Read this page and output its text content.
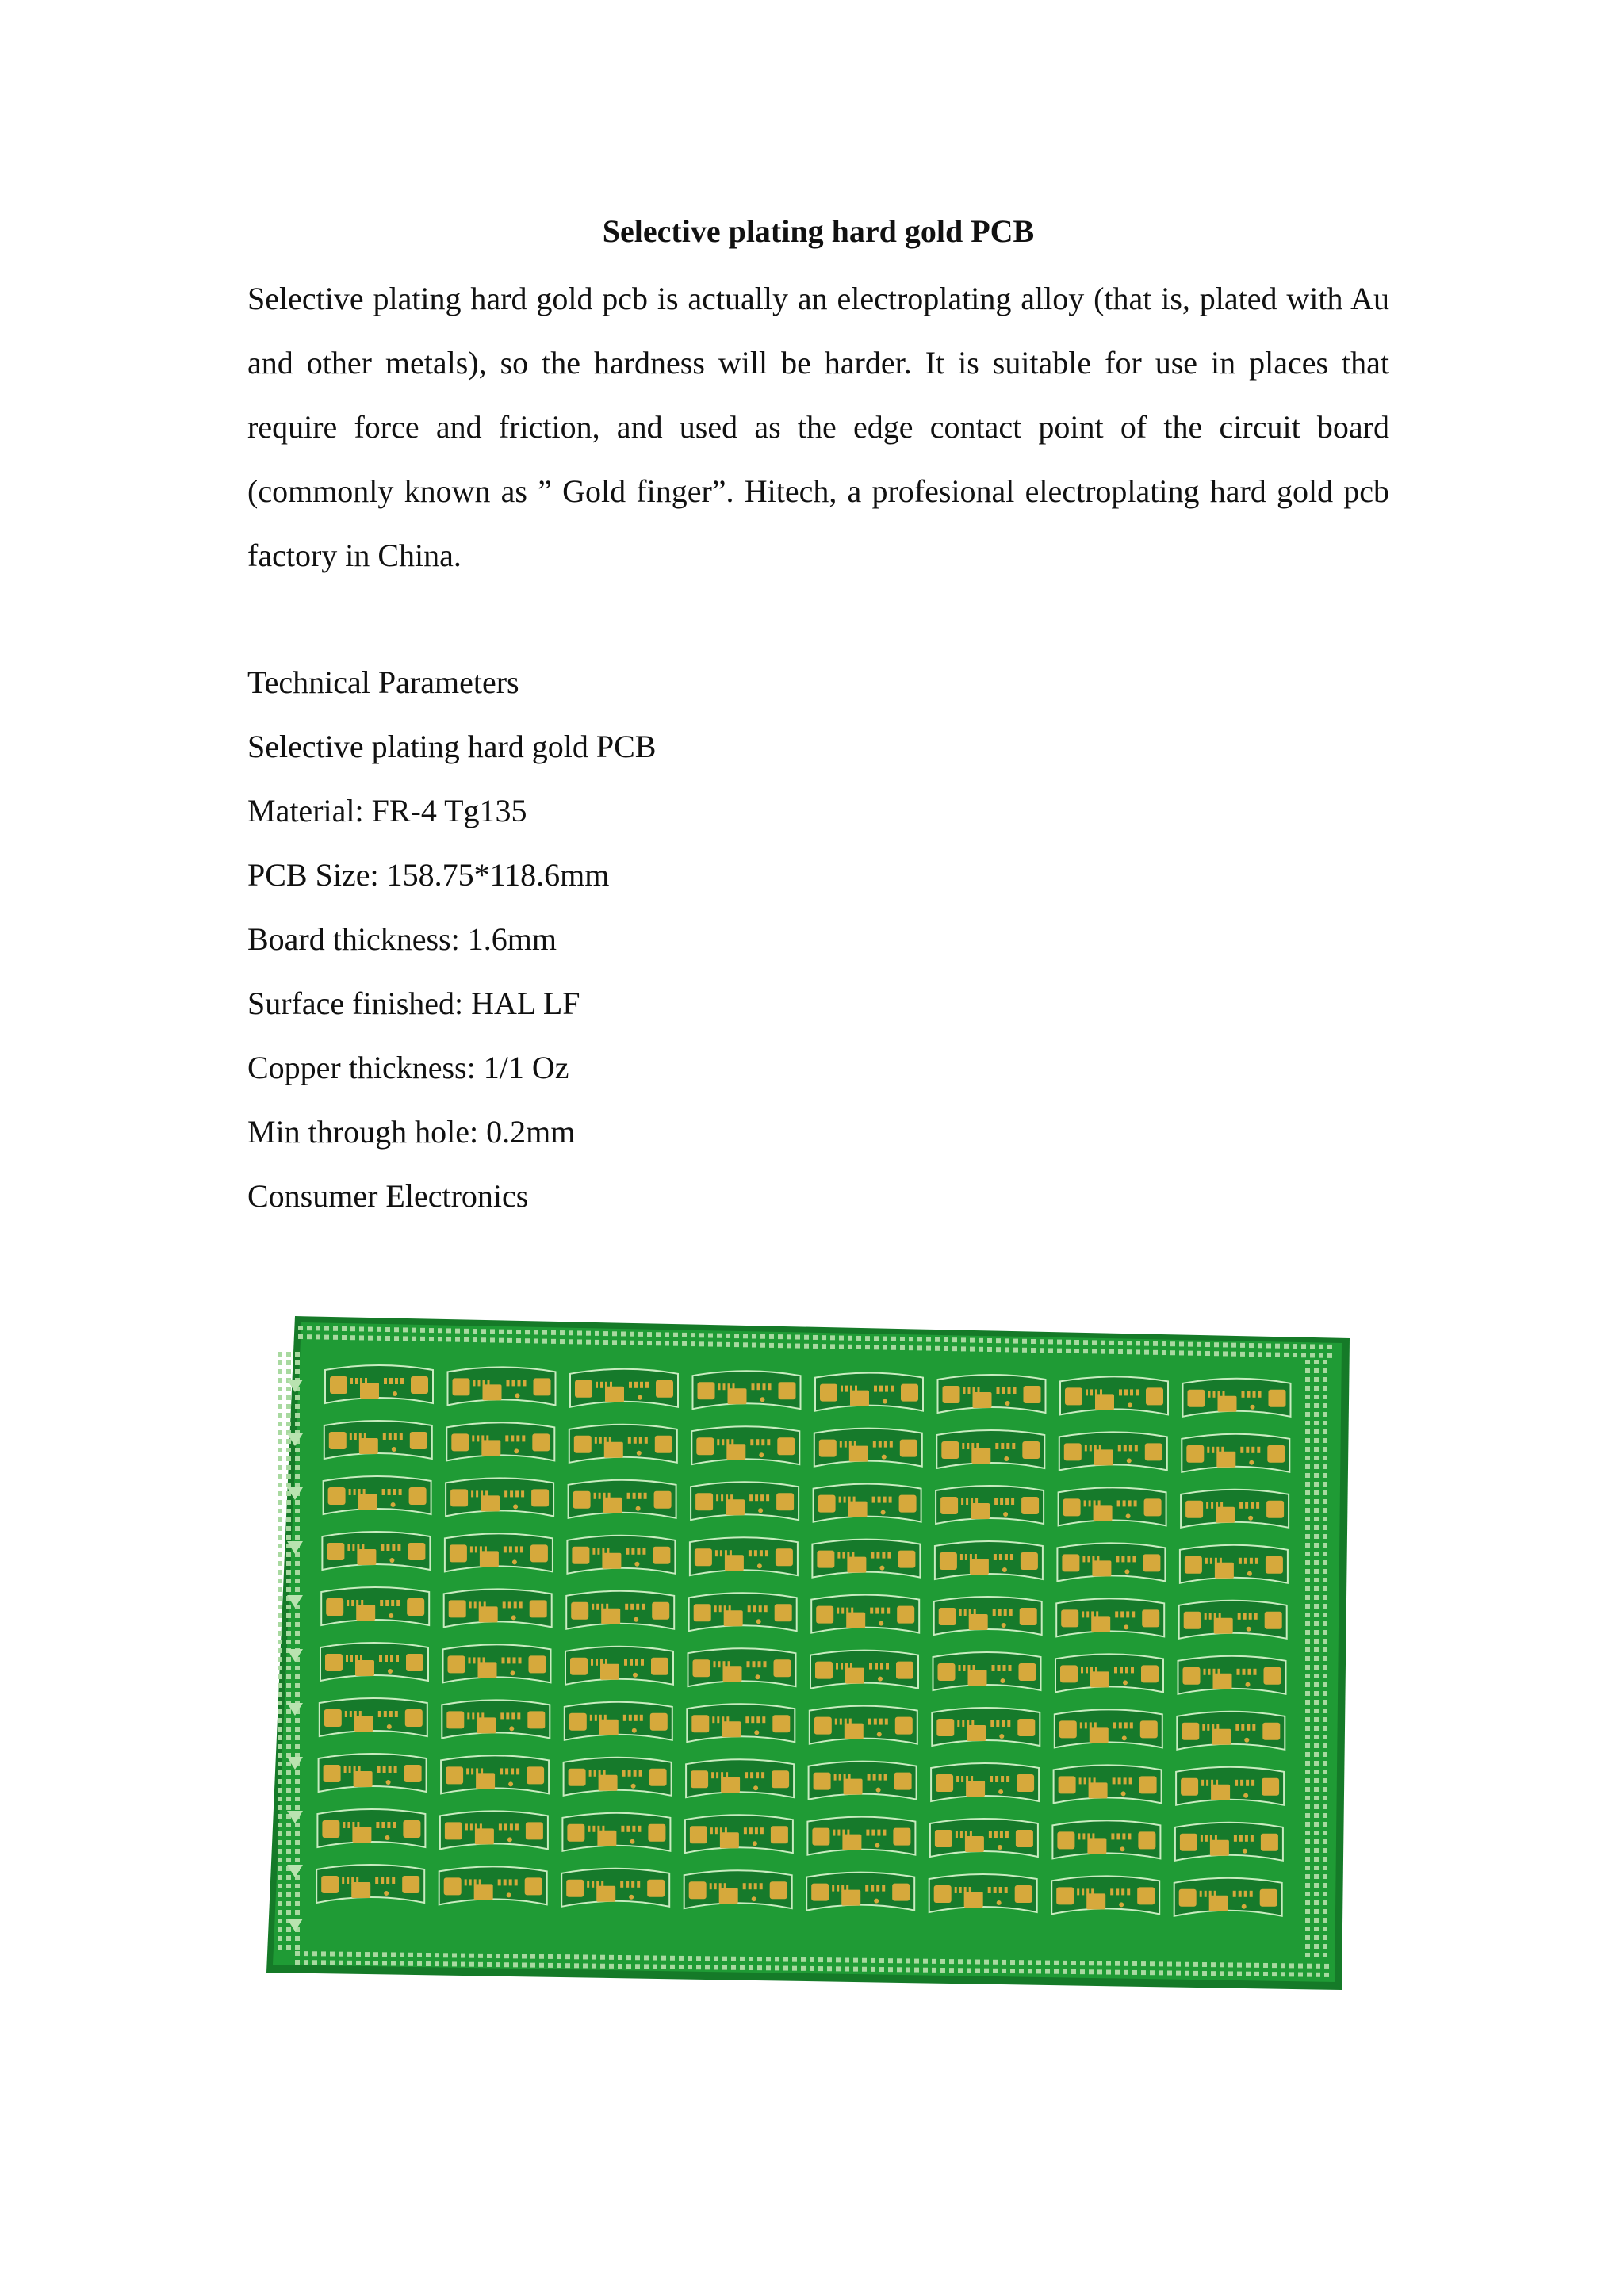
Selective plating hard gold PCB

Selective plating hard gold pcb is actually an electroplating alloy (that is, plated with Au and other metals), so the hardness will be harder. It is suitable for use in places that require force and friction, and used as the edge contact point of the circuit board (commonly known as ” Gold finger”. Hitech, a profesional electroplating hard gold pcb factory in China.

Technical Parameters
Selective plating hard gold PCB
Material: FR-4 Tg135
PCB Size: 158.75*118.6mm
Board thickness: 1.6mm
Surface finished: HAL LF
Copper thickness: 1/1 Oz
Min through hole: 0.2mm
Consumer Electronics
